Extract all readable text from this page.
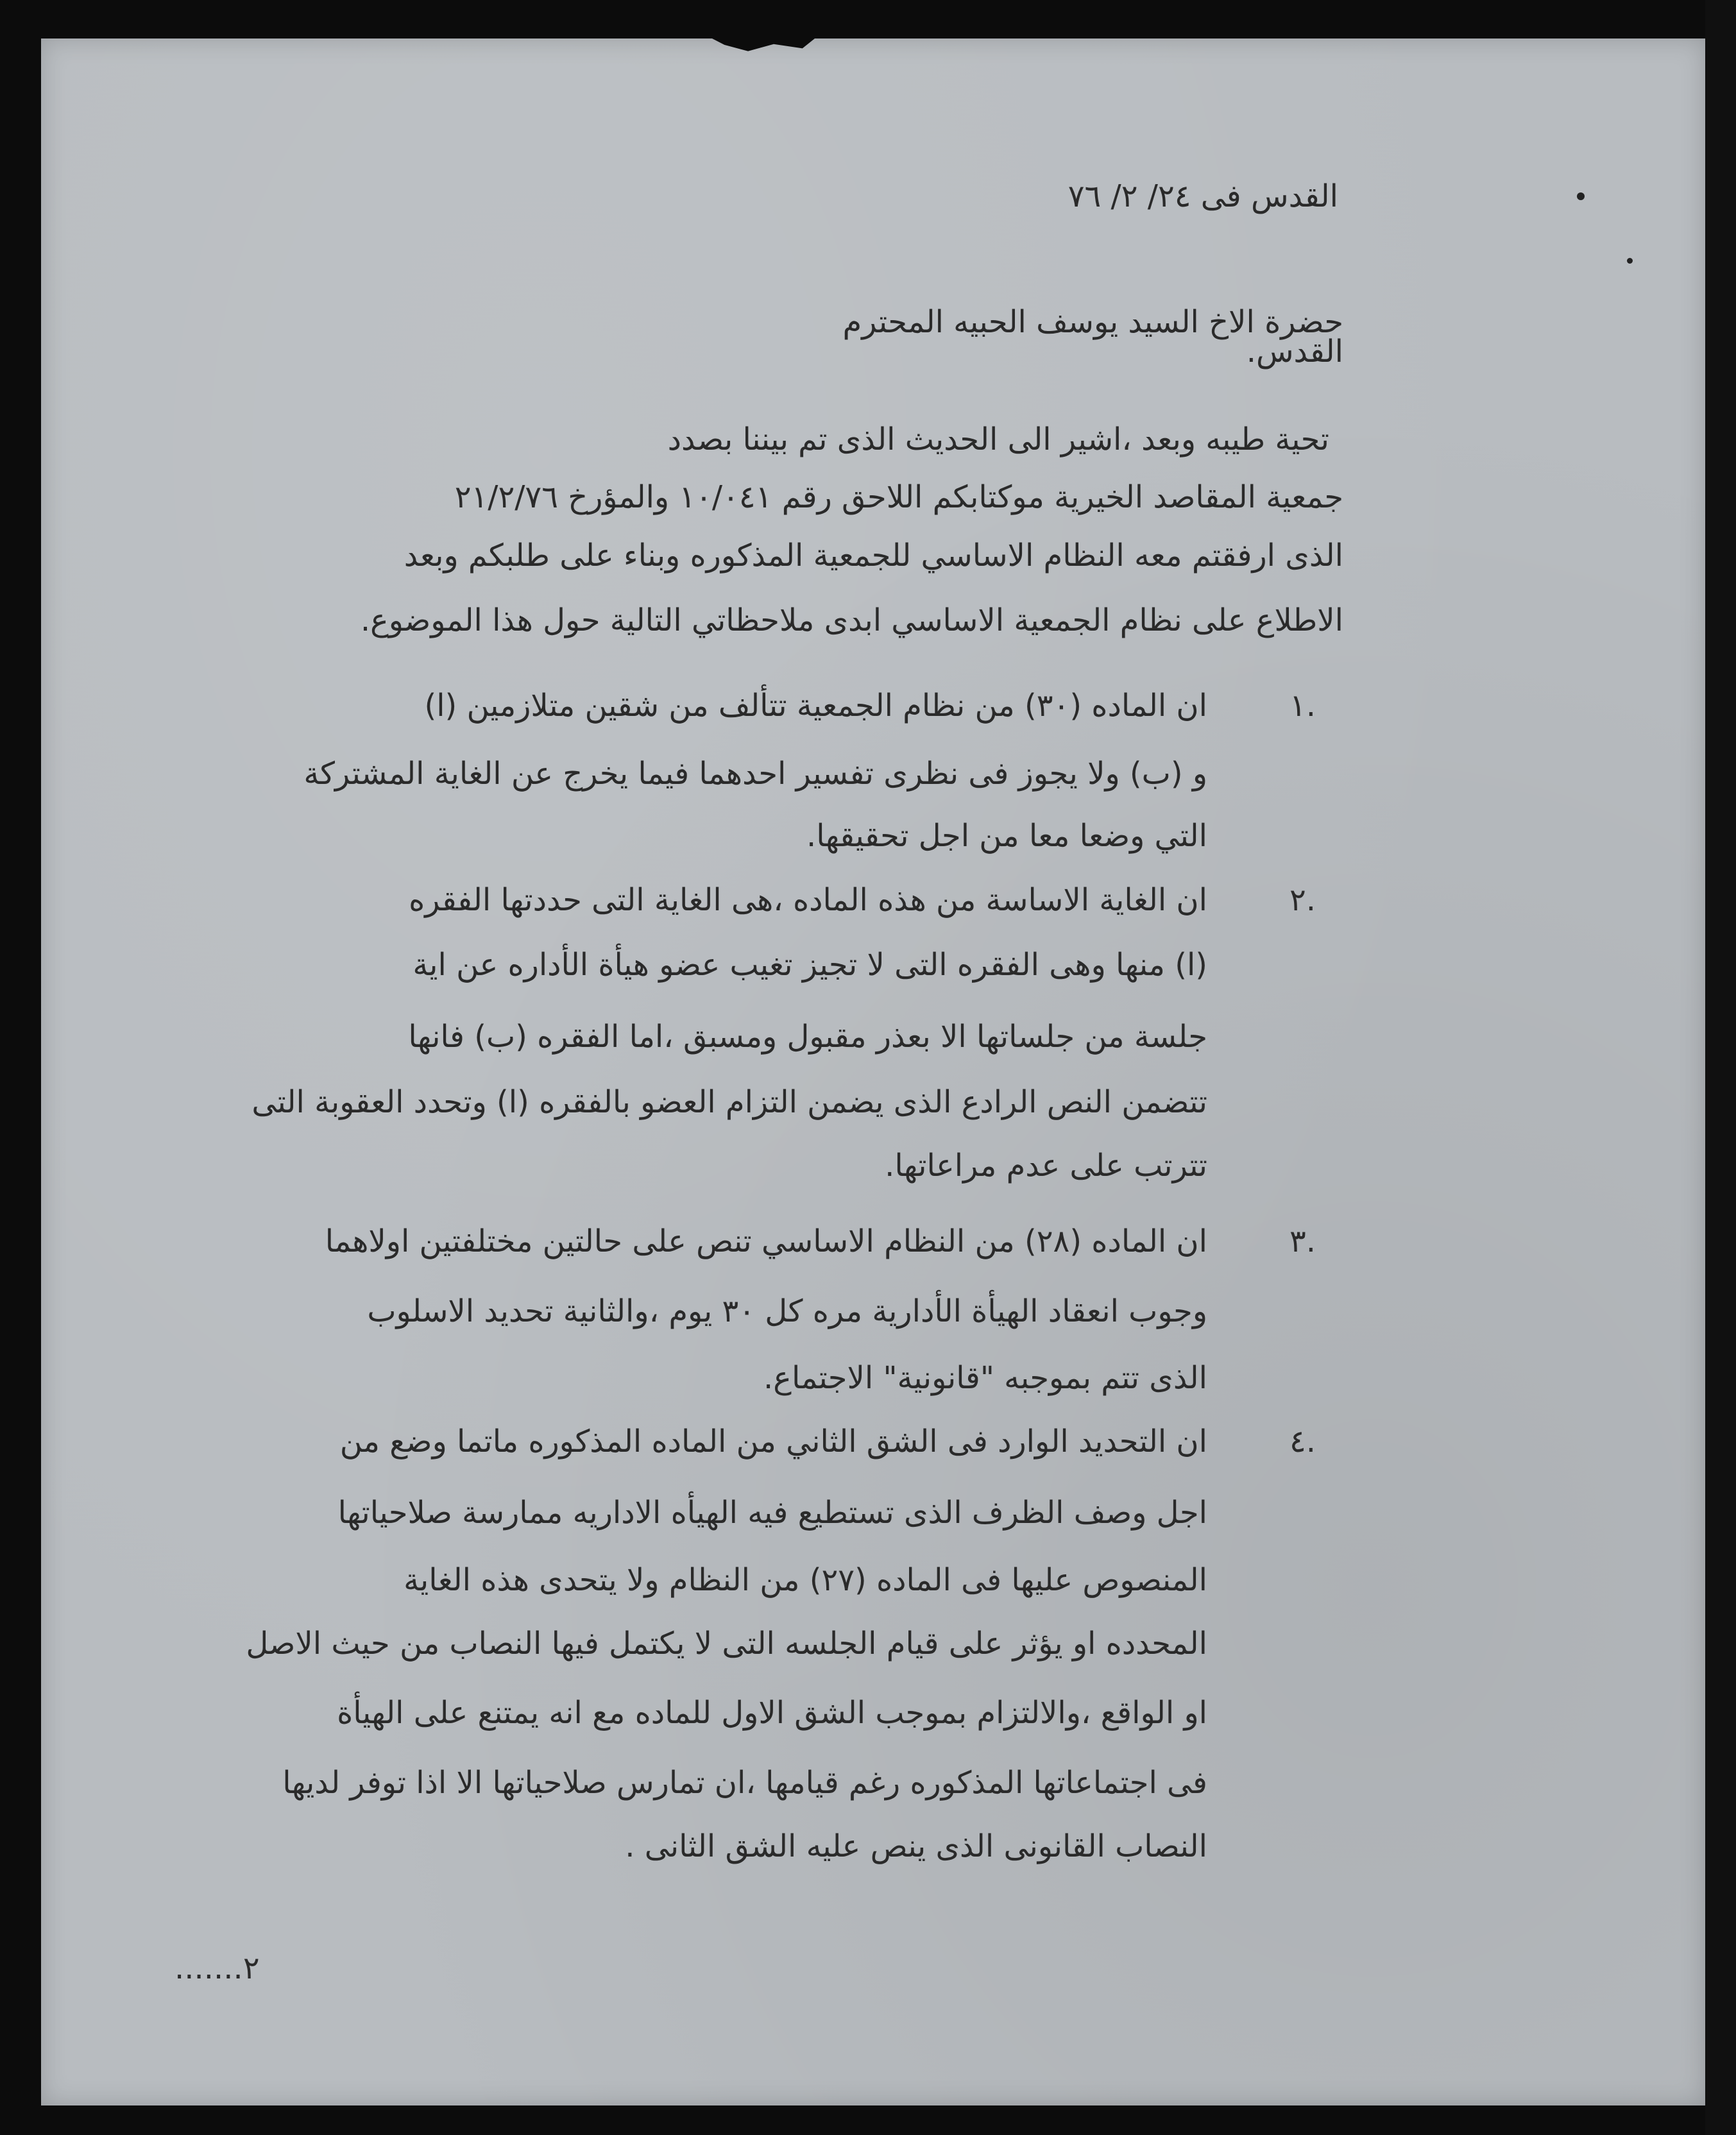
القدس فى ٢٤/ ٢/ ٧٦
حضرة الاخ السيد يوسف الحبيه المحترم
القدس.
تحية طيبه وبعد ،اشير الى الحديث الذى تم بيننا بصدد
جمعية المقاصد الخيرية موكتابكم اللاحق رقم ١٠/٠٤١ والمؤرخ ٢١/٢/٧٦
الذى ارفقتم معه النظام الاساسي للجمعية المذكوره وبناء على طلبكم وبعد
الاطلاع على نظام الجمعية الاساسي ابدى ملاحظاتي التالية حول هذا الموضوع.
١.
ان الماده (٣٠) من نظام الجمعية تتألف من شقين متلازمين (ا)
و (ب) ولا يجوز فى نظرى تفسير احدهما فيما يخرج عن الغاية المشتركة
التي وضعا معا من اجل تحقيقها.
٢.
ان الغاية الاساسة من هذه الماده ،هى الغاية التى حددتها الفقره
(ا) منها وهى الفقره التى لا تجيز تغيب عضو هيأة الأداره عن اية
جلسة من جلساتها الا بعذر مقبول ومسبق ،اما الفقره (ب) فانها
تتضمن النص الرادع الذى يضمن التزام العضو بالفقره (ا) وتحدد العقوبة التى
تترتب على عدم مراعاتها.
٣.
ان الماده (٢٨) من النظام الاساسي تنص على حالتين مختلفتين اولاهما
وجوب انعقاد الهيأة الأدارية مره كل ٣٠ يوم ،والثانية تحديد الاسلوب
الذى تتم بموجبه "قانونية" الاجتماع.
٤.
ان التحديد الوارد فى الشق الثاني من الماده المذكوره ماتما وضع من
اجل وصف الظرف الذى تستطيع فيه الهيأه الاداريه ممارسة صلاحياتها
المنصوص عليها فى الماده (٢٧) من النظام ولا يتحدى هذه الغاية
المحدده او يؤثر على قيام الجلسه التى لا يكتمل فيها النصاب من حيث الاصل
او الواقع ،والالتزام بموجب الشق الاول للماده مع انه يمتنع على الهيأة
فى اجتماعاتها المذكوره رغم قيامها ،ان تمارس صلاحياتها الا اذا توفر لديها
النصاب القانونى الذى ينص عليه الشق الثانى .
٢.......
